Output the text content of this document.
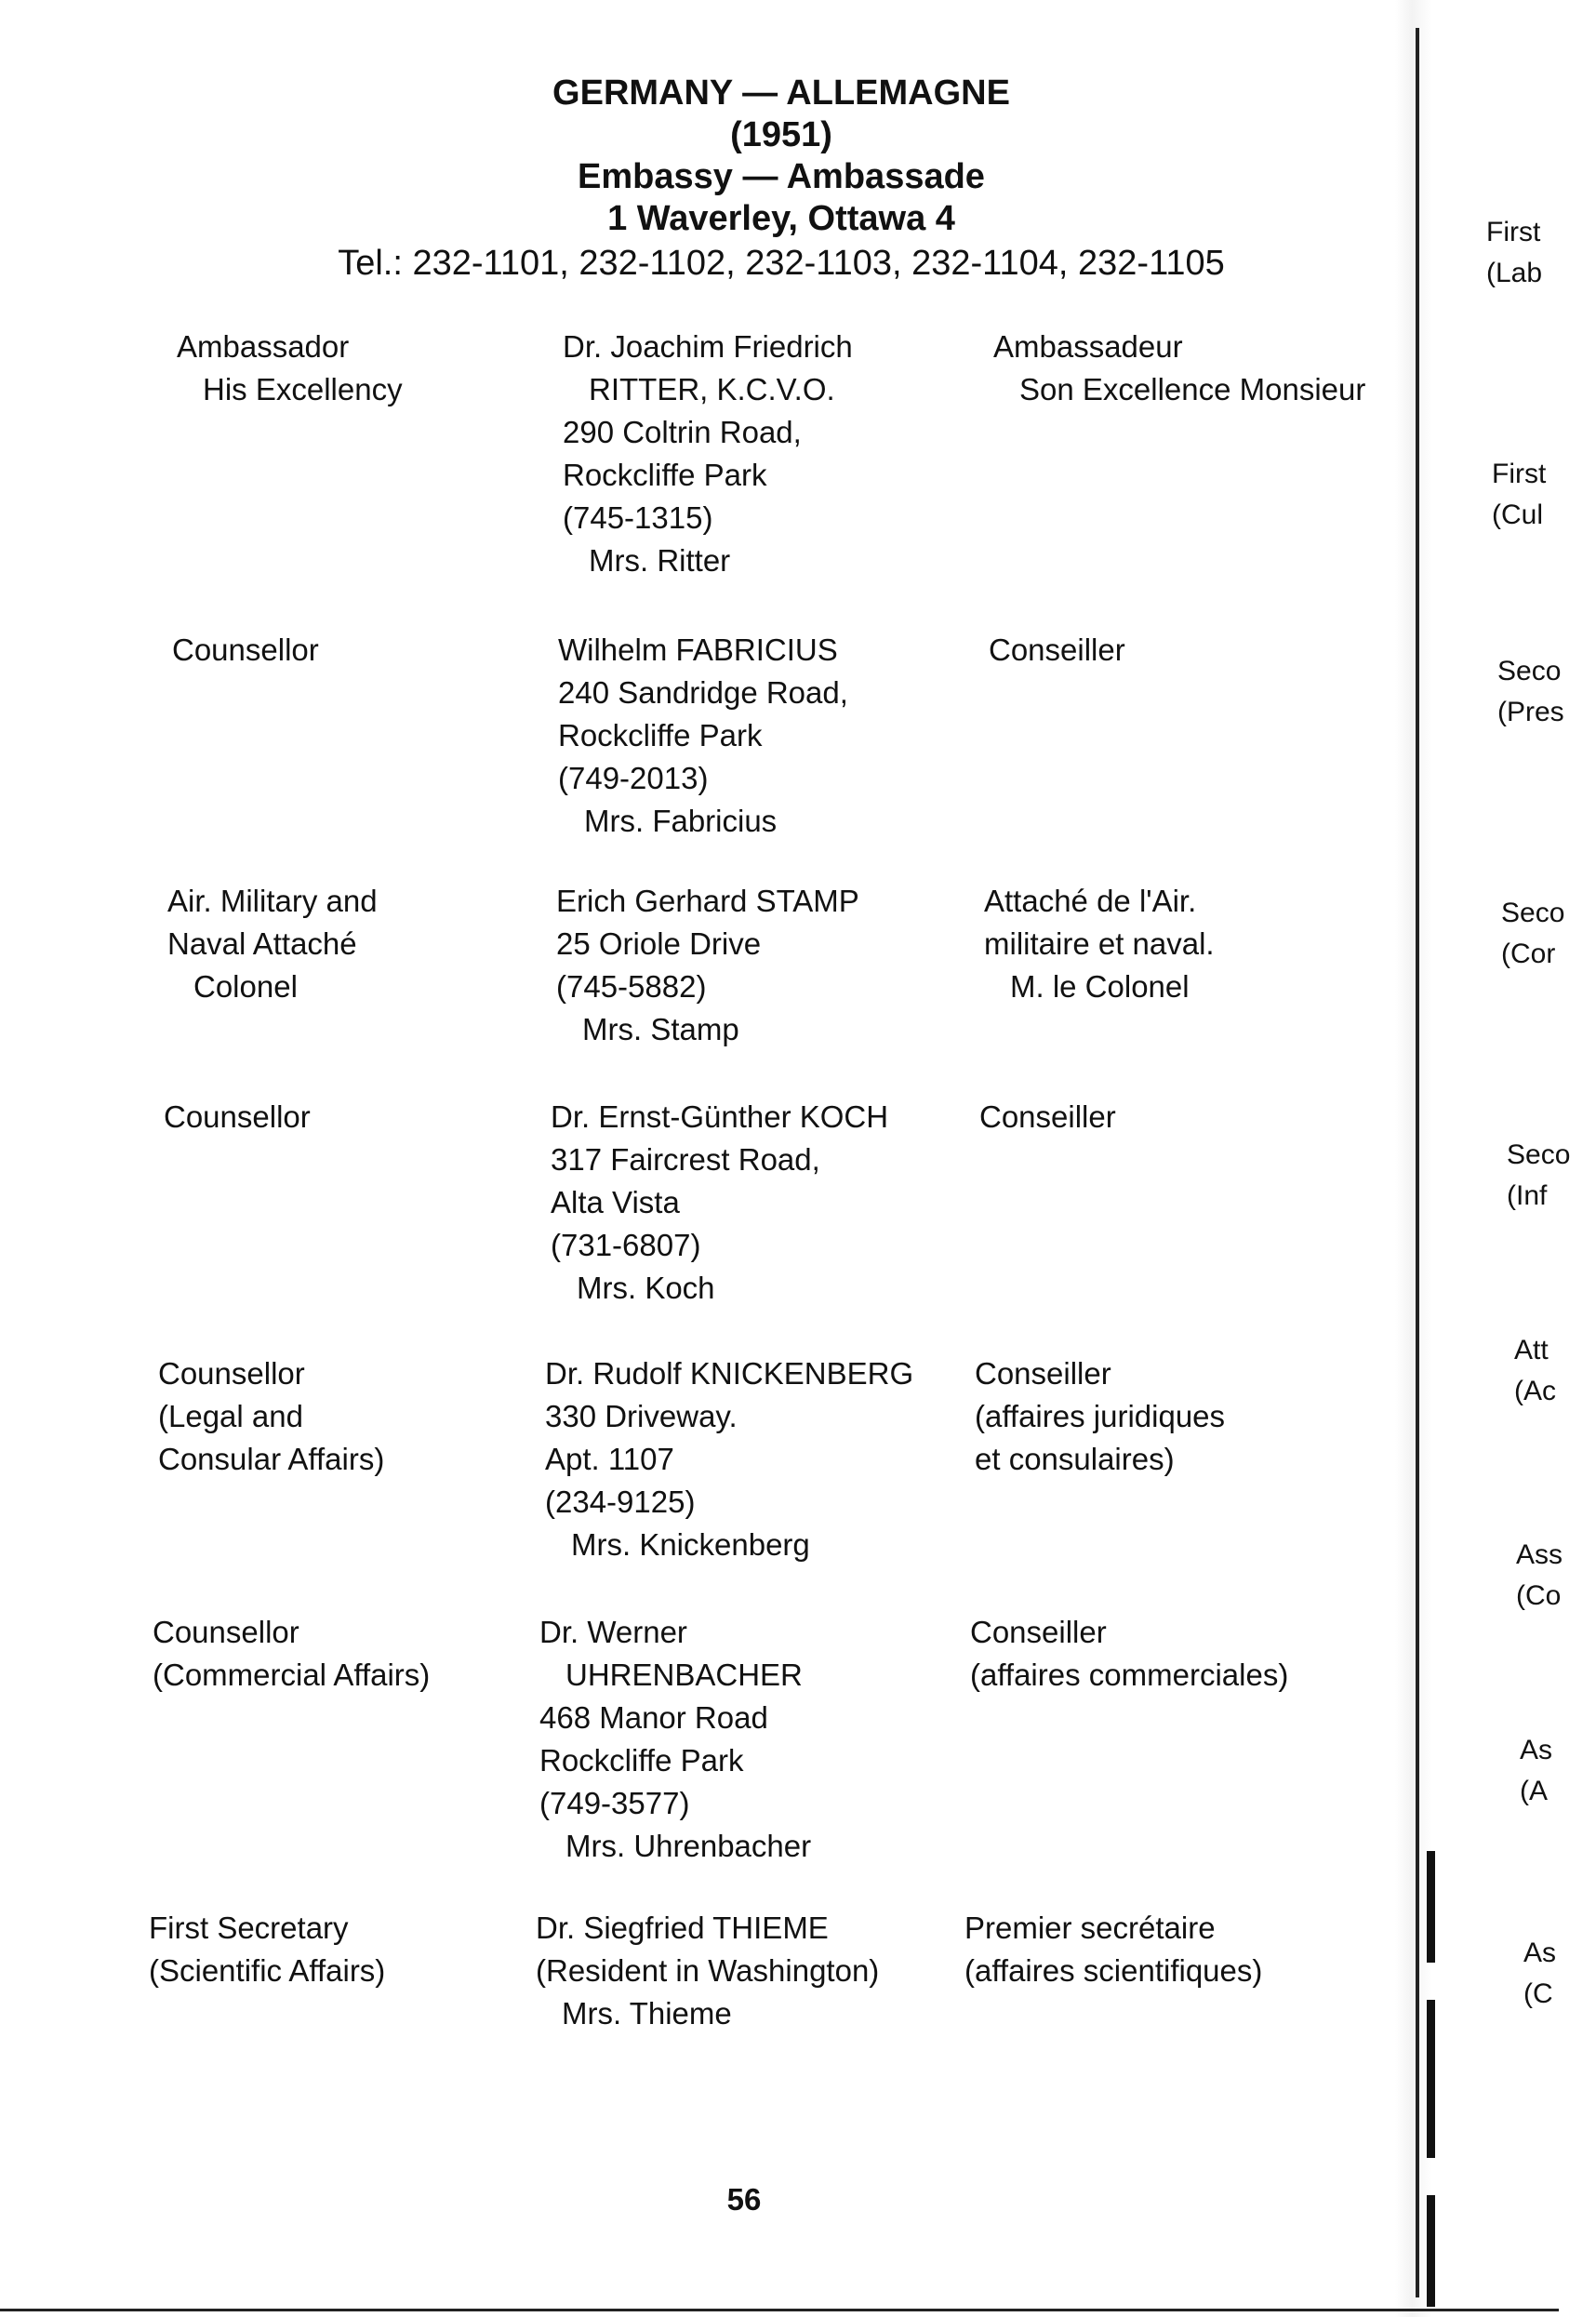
GERMANY — ALLEMAGNE
(1951)
Embassy — Ambassade
1 Waverley, Ottawa 4
Tel.: 232-1101, 232-1102, 232-1103, 232-1104, 232-1105
Ambassador
His Excellency
Dr. Joachim Friedrich
RITTER, K.C.V.O.
290 Coltrin Road,
Rockcliffe Park
(745-1315)
Mrs. Ritter
Ambassadeur
Son Excellence Monsieur
Counsellor	Wilhelm FABRICIUS
240 Sandridge Road,
Rockcliffe Park
(749-2013)
Mrs. Fabricius
Conseiller
Air. Military and
Naval Attaché
Colonel
Erich Gerhard STAMP
25 Oriole Drive
(745-5882)
Mrs. Stamp
Attaché de l'Air.
militaire et naval.
M. le Colonel
Counsellor	Dr. Ernst-Günther KOCH
317 Faircrest Road,
Alta Vista
(731-6807)
Mrs. Koch
Conseiller
Counsellor
(Legal and
Consular Affairs)
Dr. Rudolf KNICKENBERG
330 Driveway.
Apt. 1107
(234-9125)
Mrs. Knickenberg
Conseiller
(affaires juridiques
et consulaires)
Counsellor
(Commercial Affairs)
Dr. Werner
UHRENBACHER
468 Manor Road
Rockcliffe Park
(749-3577)
Mrs. Uhrenbacher
Conseiller
(affaires commerciales)
First Secretary
(Scientific Affairs)
Dr. Siegfried THIEME
(Resident in Washington)
Mrs. Thieme
Premier secrétaire
(affaires scientifiques)
56
First
(Lab
First
(Cul
Seco
(Pres
Seco
(Cor
Seco
(Inf
Att
(Ac
Ass
(Co
As
(A
As
(C
